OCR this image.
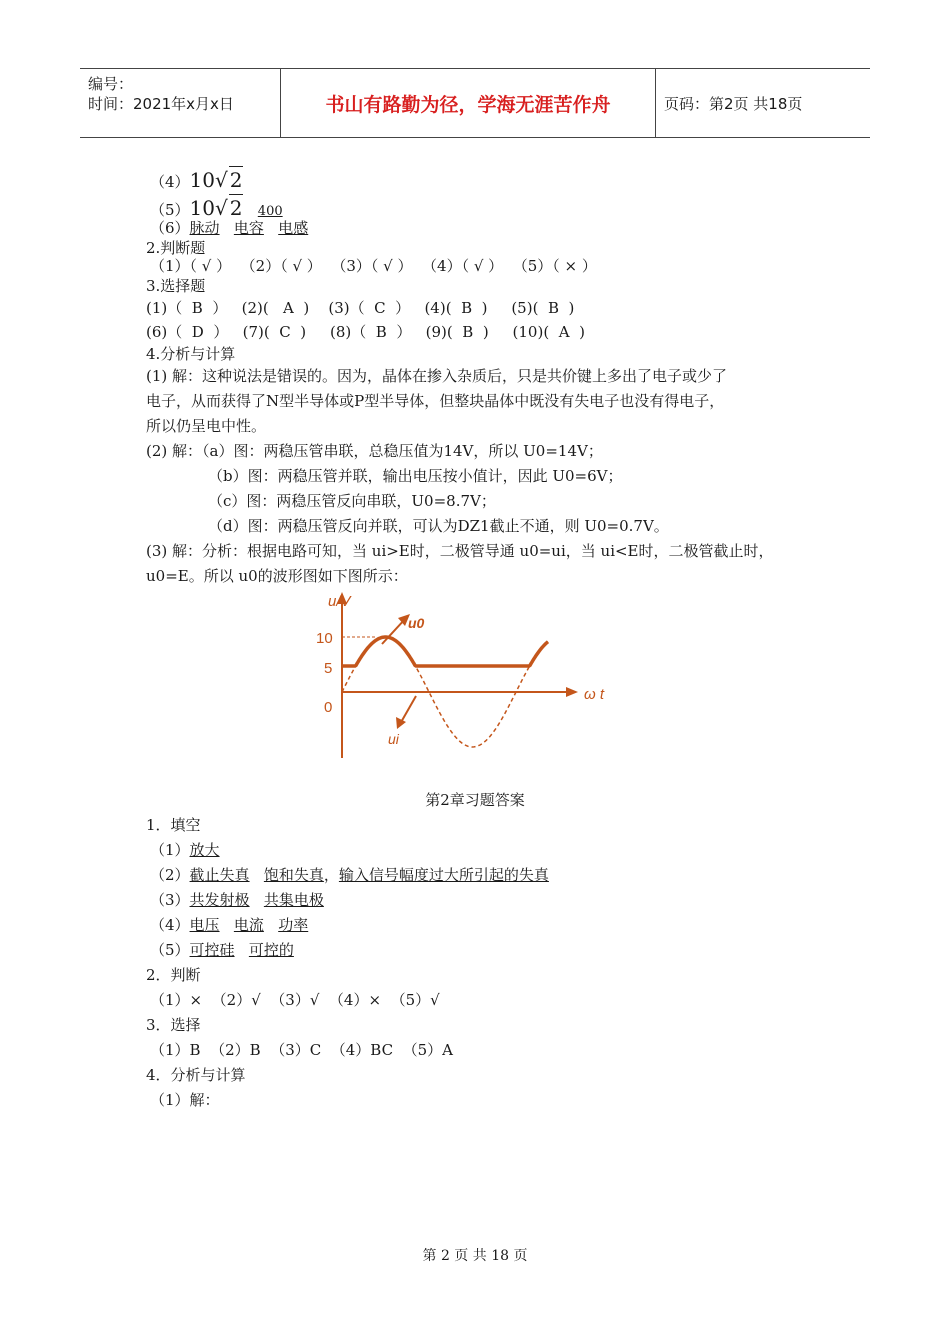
编号：
时间：2021年x月x日	书山有路勤为径，学海无涯苦作舟	页码：第2页 共18页
（4）10√ 2
（5）10√ 2 400
（6）脉动 电容 电感
2.判断题
（1）（ √ ）  （2）（ √ ）  （3）（ √ ）  （4）（ √ ）  （5）（ × ）
3.选择题
(1)（  B  ）   (2)(   A  )    (3)（  C  ）   (4)(  B  )     (5)(  B  )
(6)（  D  ）   (7)(  C  )     (8)（  B  ）   (9)(  B  )     (10)(  A  )
4.分析与计算
(1) 解：这种说法是错误的。因为，晶体在掺入杂质后，只是共价键上多出了电子或少了
电子，从而获得了N型半导体或P型半导体，但整块晶体中既没有失电子也没有得电子，
所以仍呈电中性。
(2) 解：（a）图：两稳压管串联，总稳压值为14V，所以 U0=14V；
（b）图：两稳压管并联，输出电压按小值计，因此 U0=6V；
（c）图：两稳压管反向串联，U0=8.7V；
（d）图：两稳压管反向并联，可认为DZ1截止不通，则 U0=0.7V。
(3) 解：分析：根据电路可知，当 ui>E时，二极管导通 u0=ui，当 ui<E时，二极管截止时，
u0=E。所以 u0的波形图如下图所示：
u/V
ω t
10
5
0
u0
ui
第2章习题答案
1．填空
（1）放大
（2）截止失真 饱和失真，输入信号幅度过大所引起的失真
（3）共发射极 共集电极
（4）电压 电流 功率
（5）可控硅 可控的
2．判断
（1）×  （2）√  （3）√  （4）×  （5）√
3．选择
（1）B  （2）B  （3）C  （4）BC  （5）A
4．分析与计算
（1）解：
第 2 页 共 18 页
